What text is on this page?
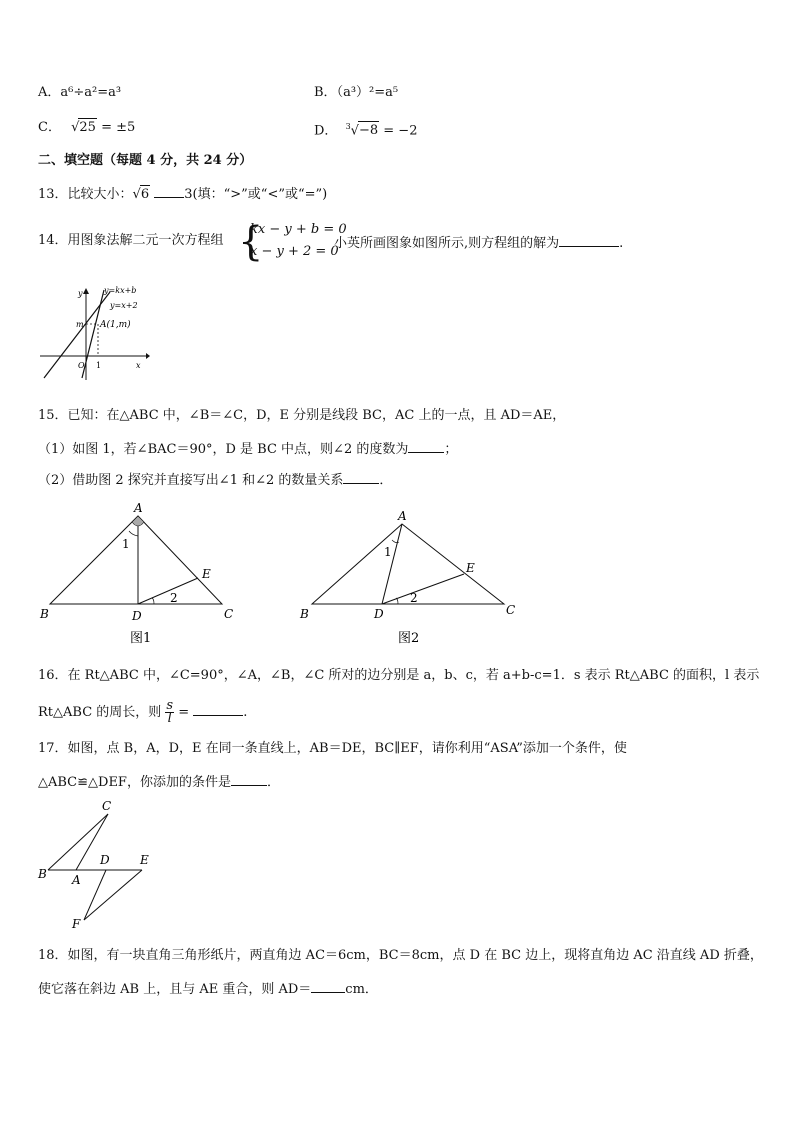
A．a⁶÷a²=a³	B．（a³）²=a⁵
C． √25 = ±5	D． $^3$√−8 = −2
二、填空题（每题 4 分，共 24 分）
13．比较大小：√6	3(填：“>”或“<”或“=”)
14．用图象法解二元一次方程组 {
kx − y + b = 0
x − y + 2 = 0
小英所画图象如图所示,则方程组的解为	.
y=kx+b
y=x+2
A(1,m)
m
O 1	x
y
15．已知：在△ABC 中，∠B＝∠C，D，E 分别是线段 BC，AC 上的一点，且 AD＝AE，
（1）如图 1，若∠BAC＝90°，D 是 BC 中点，则∠2 的度数为	；
（2）借助图 2 探究并直接写出∠1 和∠2 的数量关系	．
A
B	C
D
E
1
2
图1
A
B	C
D
E
1
2
图2
16．在 Rt△ABC 中，∠C=90°，∠A，∠B，∠C 所对的边分别是 a，b、c，若 a+b-c=1．s 表示 Rt△ABC 的面积，l 表示
Rt△ABC 的周长，则 $\frac{s}{l}$ =	.
17．如图，点 B，A，D，E 在同一条直线上，AB＝DE，BC∥EF，请你利用“ASA”添加一个条件，使
△ABC≌△DEF，你添加的条件是	．
C
B A
D	E
F
18．如图，有一块直角三角形纸片，两直角边 AC＝6cm，BC＝8cm，点 D 在 BC 边上，现将直角边 AC 沿直线 AD 折叠，
使它落在斜边 AB 上，且与 AE 重合，则 AD＝	cm．
